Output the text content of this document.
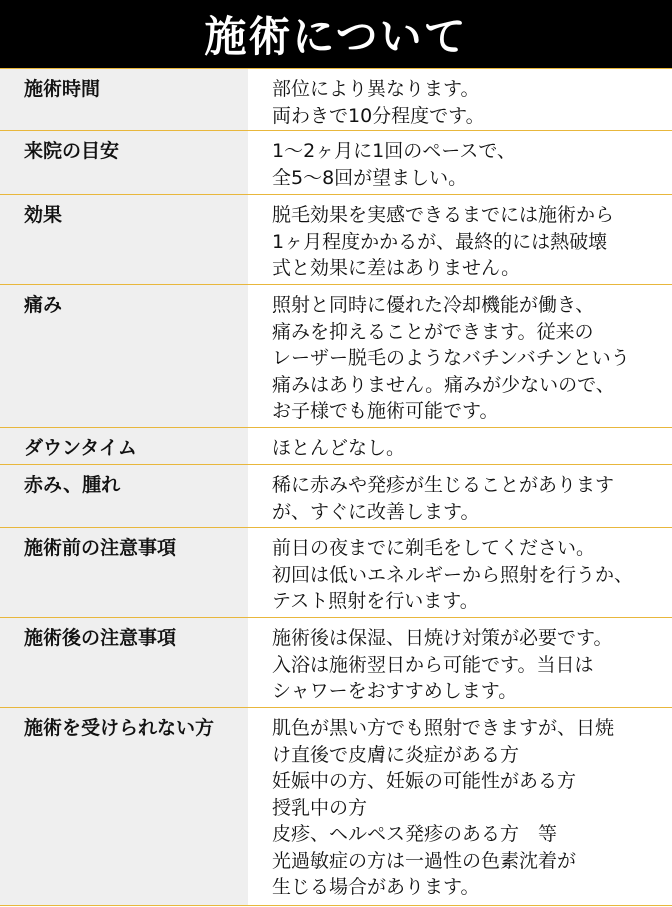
施術について
施術時間	部位により異なります。
両わきで10分程度です。
来院の目安	1〜2ヶ月に1回のペースで、
全5〜8回が望ましい。
効果	脱毛効果を実感できるまでには施術から
1ヶ月程度かかるが、最終的には熱破壊
式と効果に差はありません。
痛み	照射と同時に優れた冷却機能が働き、
痛みを抑えることができます。従来の
レーザー脱毛のようなバチンバチンという
痛みはありません。痛みが少ないので、
お子様でも施術可能です。
ダウンタイム	ほとんどなし。
赤み、腫れ	稀に赤みや発疹が生じることがあります
が、すぐに改善します。
施術前の注意事項	前日の夜までに剃毛をしてください。
初回は低いエネルギーから照射を行うか、
テスト照射を行います。
施術後の注意事項	施術後は保湿、日焼け対策が必要です。
入浴は施術翌日から可能です。当日は
シャワーをおすすめします。
施術を受けられない方	肌色が黒い方でも照射できますが、日焼
け直後で皮膚に炎症がある方
妊娠中の方、妊娠の可能性がある方
授乳中の方
皮疹、ヘルペス発疹のある方　等
光過敏症の方は一過性の色素沈着が
生じる場合があります。
